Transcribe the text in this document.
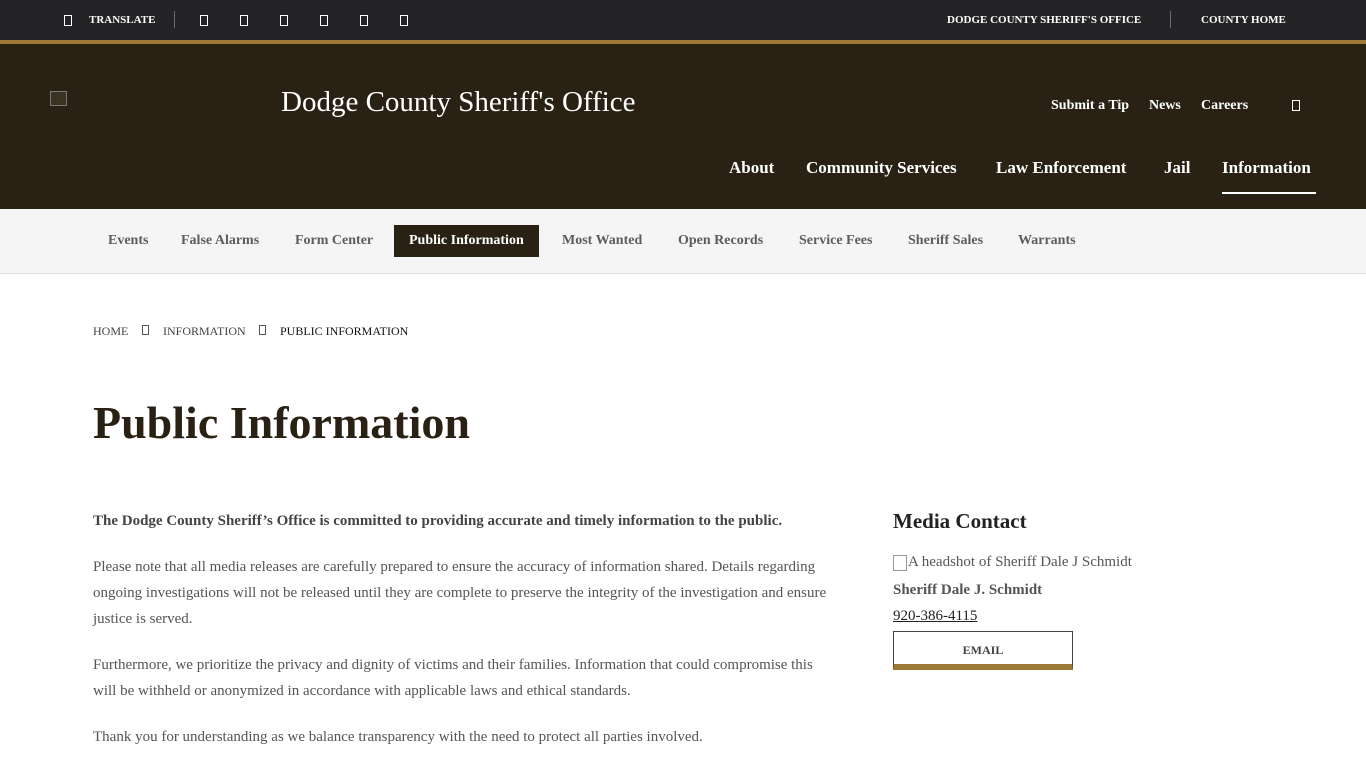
TRANSLATE	DODGE COUNTY SHERIFF'S OFFICE	COUNTY HOME
Dodge County Sheriff's Office	Submit a Tip News Careers
About Community Services Law Enforcement Jail Information
Events False Alarms	Form Center	Public Information	Most Wanted	Open Records	Service Fees	Sheriff Sales Warrants
HOME	INFORMATION	PUBLIC INFORMATION
Public Information

The Dodge County Sheriff’s Office is committed to providing accurate and timely information to the public.

Please note that all media releases are carefully prepared to ensure the accuracy of information shared. Details regarding ongoing investigations will not be released until they are complete to preserve the integrity of the investigation and ensure justice is served.

Furthermore, we prioritize the privacy and dignity of victims and their families. Information that could compromise this will be withheld or anonymized in accordance with applicable laws and ethical standards.

Thank you for understanding as we balance transparency with the need to protect all parties involved.

Media Contact
A headshot of Sheriff Dale J Schmidt
Sheriff Dale J. Schmidt
920-386-4115
EMAIL
